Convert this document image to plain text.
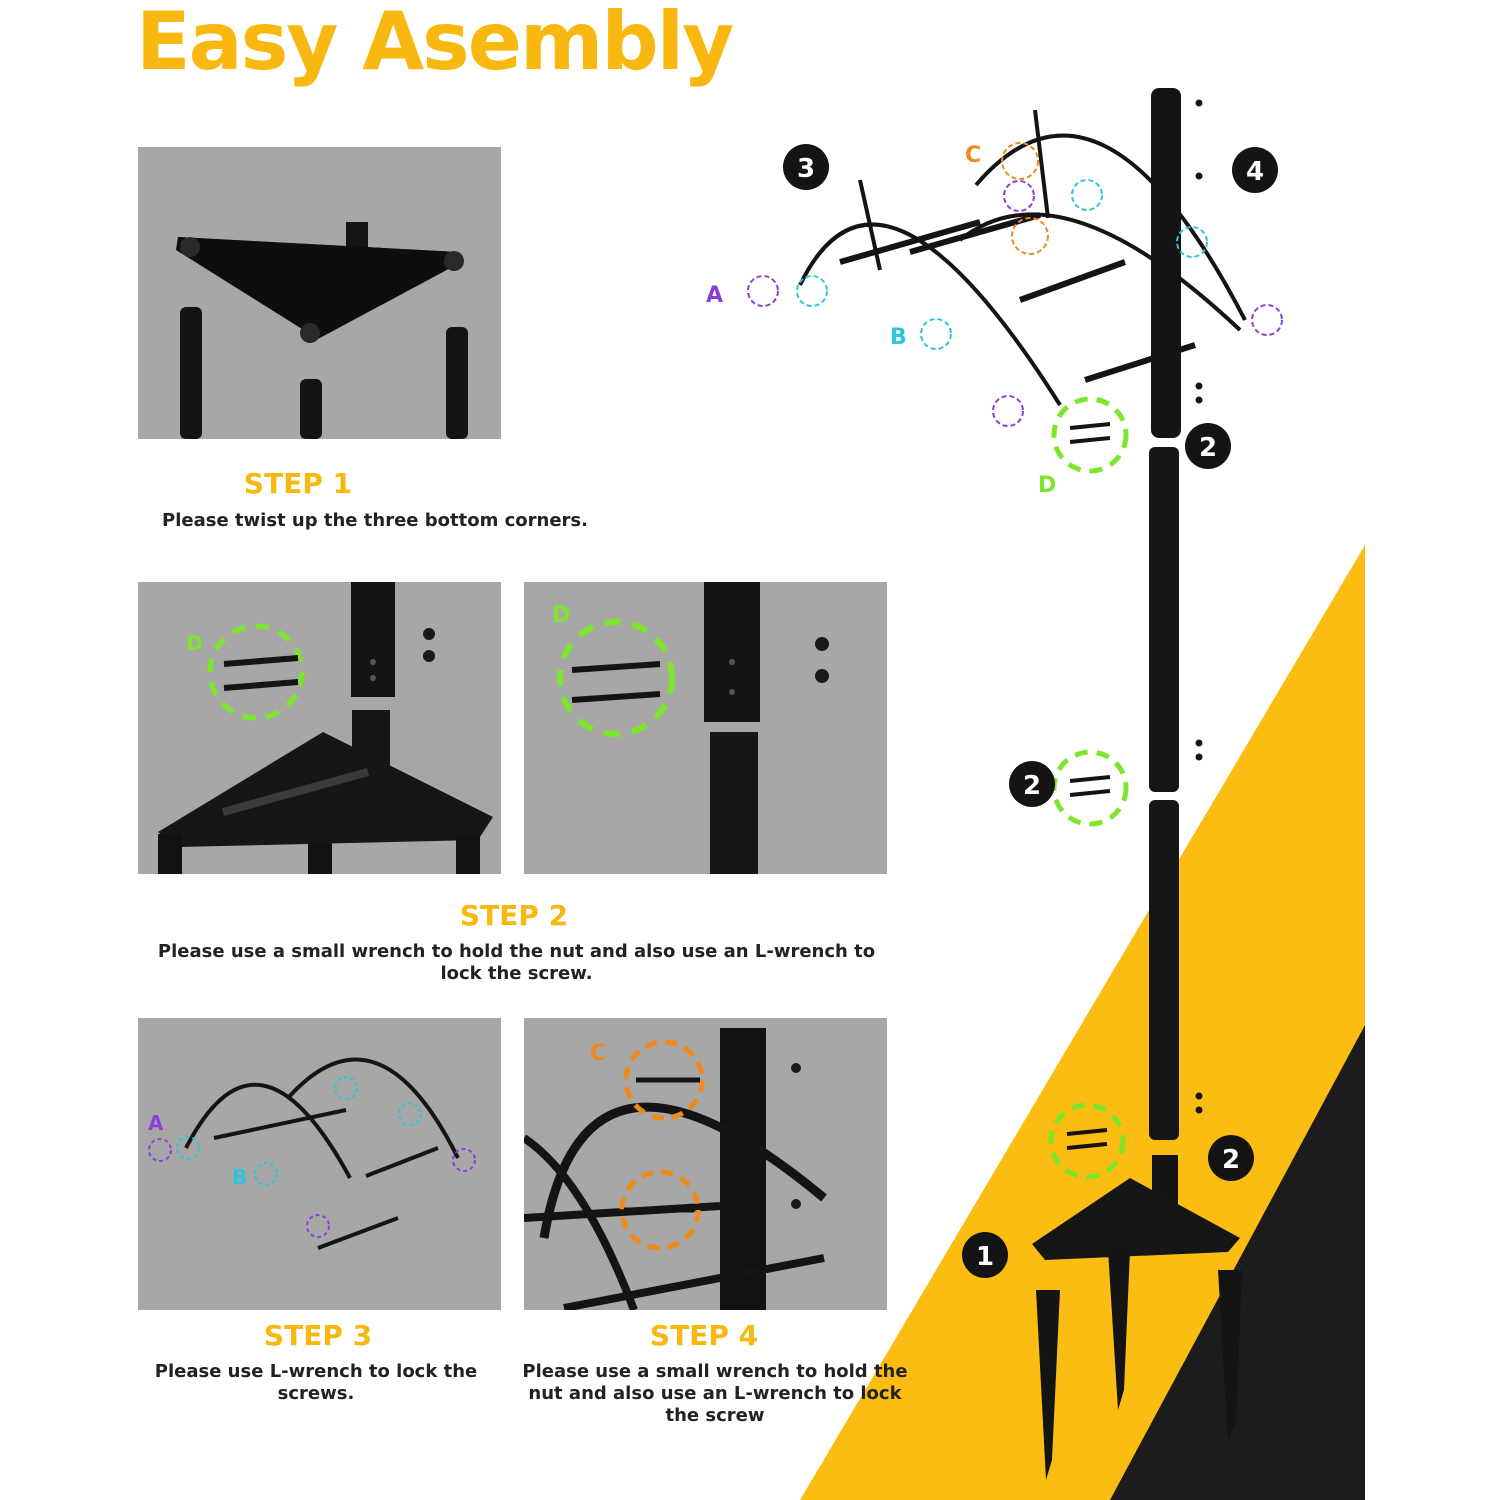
Easy Asembly
STEP 1
Please twist up the three bottom corners.
D
D
STEP 2
Please use a small wrench to hold the nut and also use an L-wrench to lock the screw.
A
B
STEP 3
Please use L-wrench to lock the screws.
C
STEP 4
Please use a small wrench to hold the nut and also use an L-wrench to lock the screw
A
B
C
D
3	4
2
2
2
1
